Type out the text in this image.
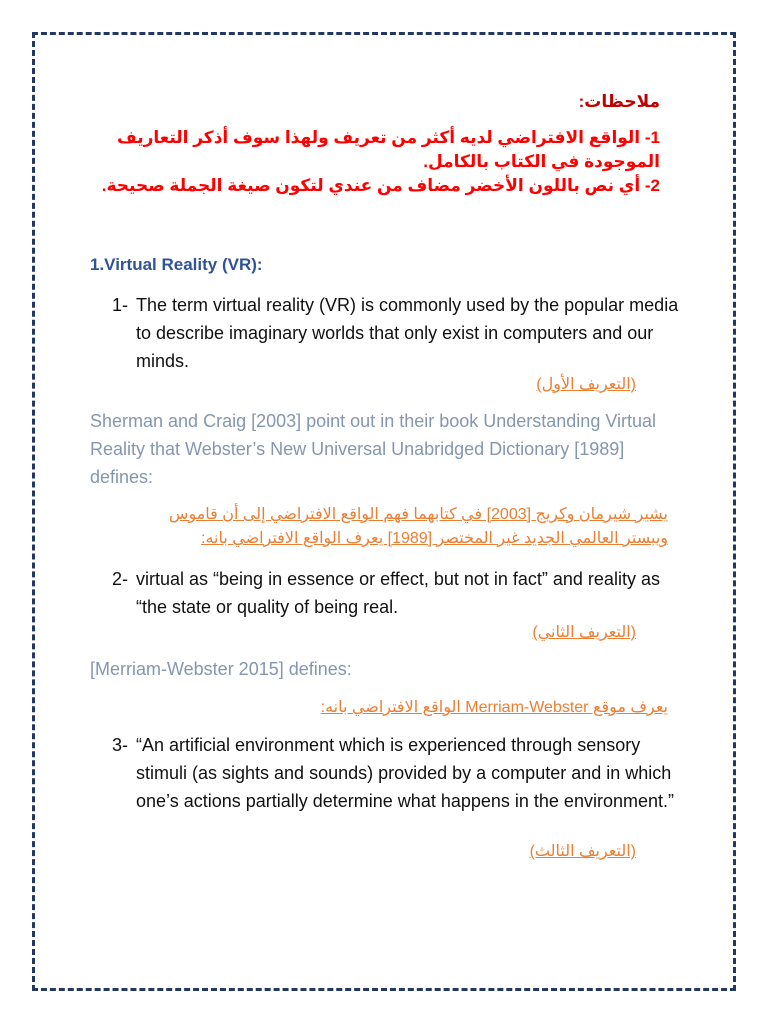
ملاحظات:
1- الواقع الافتراضي لديه أكثر من تعريف ولهذا سوف أذكر التعاريف الموجودة في الكتاب بالكامل.
2- أي نص باللون الأخضر مضاف من عندي لتكون صيغة الجملة صحيحة.
1.Virtual Reality (VR):
1- The term virtual reality (VR) is commonly used by the popular media to describe imaginary worlds that only exist in computers and our minds.
(التعريف الأول)
Sherman and Craig [2003] point out in their book Understanding Virtual Reality that Webster’s New Universal Unabridged Dictionary [1989] defines:
يشير شيرمان وكريج [2003] في كتابهما فهم الواقع الافتراضي إلى أن قاموس ويبستر العالمي الجديد غير المختصر [1989] يعرف الواقع الافتراضي بانه:
2- virtual as “being in essence or effect, but not in fact” and reality as “the state or quality of being real.
(التعريف الثاني)
[Merriam-Webster 2015] defines:
يعرف موقع Merriam-Webster الواقع الافتراضي بانه:
3- “An artificial environment which is experienced through sensory stimuli (as sights and sounds) provided by a computer and in which one’s actions partially determine what happens in the environment.”
(التعريف الثالث)
